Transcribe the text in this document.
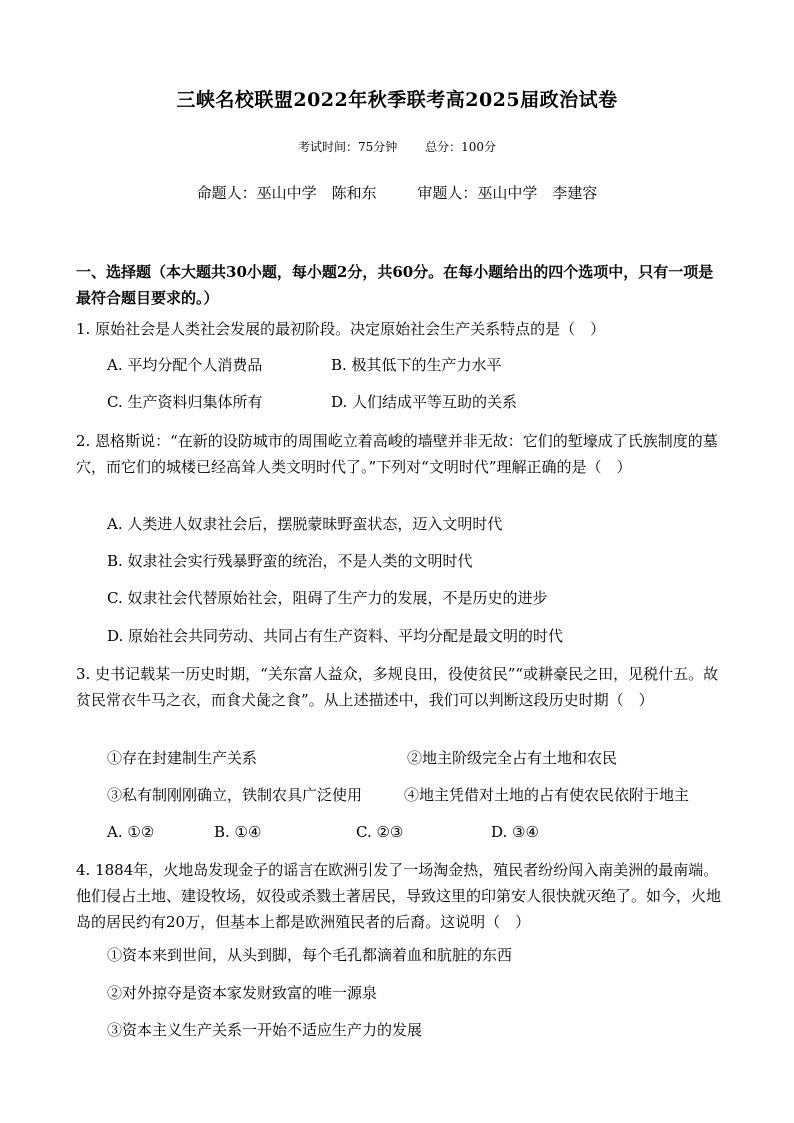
三峡名校联盟2022年秋季联考高2025届政治试卷
考试时间：75分钟 总分：100分
命题人：巫山中学　陈和东	审题人：巫山中学　李建容
一、选择题（本大题共30小题，每小题2分，共60分。在每小题给出的四个选项中，只有一项是最符合题目要求的。）
1. 原始社会是人类社会发展的最初阶段。决定原始社会生产关系特点的是（　）
A. 平均分配个人消费品	B. 极其低下的生产力水平
C. 生产资料归集体所有	D. 人们结成平等互助的关系
2. 恩格斯说：“在新的设防城市的周围屹立着高峻的墙壁并非无故：它们的堑壕成了氏族制度的墓穴，而它们的城楼已经高耸人类文明时代了。”下列对“文明时代”理解正确的是（　）
A. 人类进人奴隶社会后，摆脱蒙昧野蛮状态，迈入文明时代
B. 奴隶社会实行残暴野蛮的统治，不是人类的文明时代
C. 奴隶社会代替原始社会，阻碍了生产力的发展，不是历史的进步
D. 原始社会共同劳动、共同占有生产资料、平均分配是最文明的时代
3. 史书记载某一历史时期，“关东富人益众，多规良田，役使贫民”“或耕豪民之田，见税什五。故贫民常衣牛马之衣，而食犬彘之食”。从上述描述中，我们可以判断这段历史时期（　）
①存在封建制生产关系	②地主阶级完全占有土地和农民
③私有制刚刚确立，铁制农具广泛使用	④地主凭借对土地的占有使农民依附于地主
A. ①②	B. ①④	C. ②③	D. ③④
4. 1884年，火地岛发现金子的谣言在欧洲引发了一场淘金热，殖民者纷纷闯入南美洲的最南端。他们侵占土地、建设牧场，奴役或杀戮土著居民，导致这里的印第安人很快就灭绝了。如今，火地岛的居民约有20万，但基本上都是欧洲殖民者的后裔。这说明（　）
①资本来到世间，从头到脚，每个毛孔都滴着血和肮脏的东西
②对外掠夺是资本家发财致富的唯一源泉
③资本主义生产关系一开始不适应生产力的发展
